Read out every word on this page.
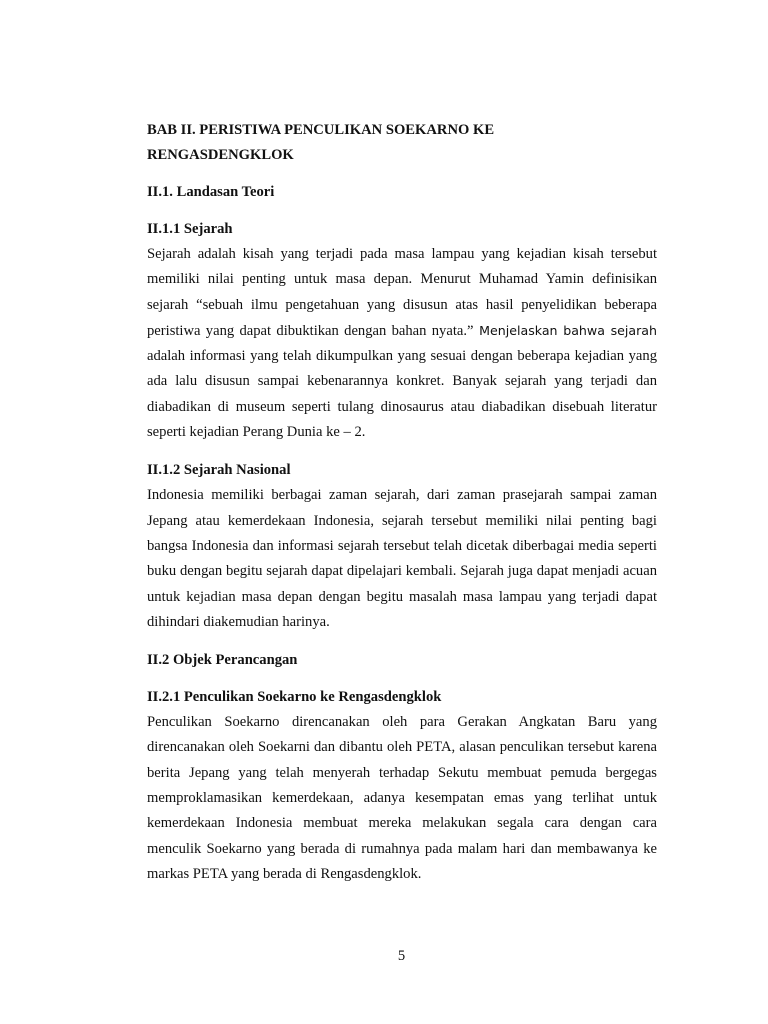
BAB II. PERISTIWA PENCULIKAN SOEKARNO KE

RENGASDENGKLOK

II.1. Landasan Teori

II.1.1 Sejarah

Sejarah adalah kisah yang terjadi pada masa lampau yang kejadian kisah tersebut memiliki nilai penting untuk masa depan. Menurut Muhamad Yamin definisikan sejarah “sebuah ilmu pengetahuan yang disusun atas hasil penyelidikan beberapa peristiwa yang dapat dibuktikan dengan bahan nyata.” Menjelaskan bahwa sejarah adalah informasi yang telah dikumpulkan yang sesuai dengan beberapa kejadian yang ada lalu disusun sampai kebenarannya konkret. Banyak sejarah yang terjadi dan diabadikan di museum seperti tulang dinosaurus atau diabadikan disebuah literatur seperti kejadian Perang Dunia ke – 2.

II.1.2 Sejarah Nasional

Indonesia memiliki berbagai zaman sejarah, dari zaman prasejarah sampai zaman Jepang atau kemerdekaan Indonesia, sejarah tersebut memiliki nilai penting bagi bangsa Indonesia dan informasi sejarah tersebut telah dicetak diberbagai media seperti buku dengan begitu sejarah dapat dipelajari kembali. Sejarah juga dapat menjadi acuan untuk kejadian masa depan dengan begitu masalah masa lampau yang terjadi dapat dihindari diakemudian harinya.

II.2 Objek Perancangan

II.2.1 Penculikan Soekarno ke Rengasdengklok

Penculikan Soekarno direncanakan oleh para Gerakan Angkatan Baru yang direncanakan oleh Soekarni dan dibantu oleh PETA, alasan penculikan tersebut karena berita Jepang yang telah menyerah terhadap Sekutu membuat pemuda bergegas memproklamasikan kemerdekaan, adanya kesempatan emas yang terlihat untuk kemerdekaan Indonesia membuat mereka melakukan segala cara dengan cara menculik Soekarno yang berada di rumahnya pada malam hari dan membawanya ke markas PETA yang berada di Rengasdengklok.

5
